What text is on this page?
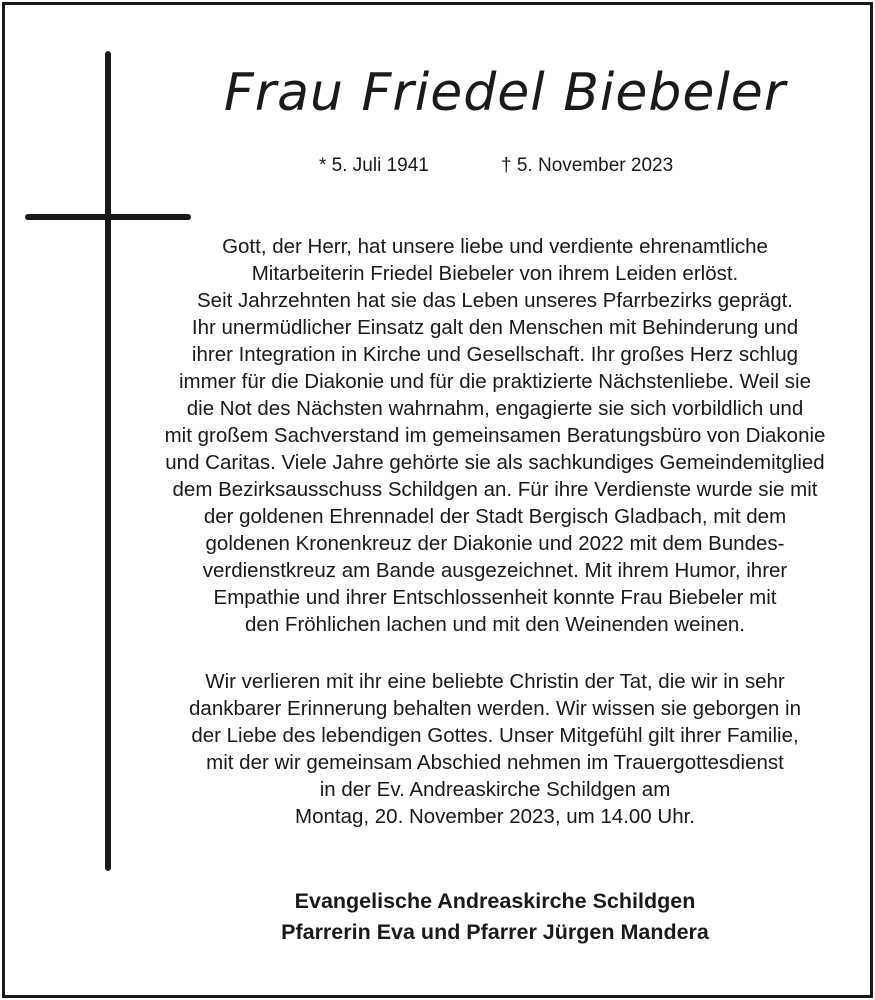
Frau Friedel Biebeler
* 5. Juli 1941	† 5. November 2023
Gott, der Herr, hat unsere liebe und verdiente ehrenamtliche
Mitarbeiterin Friedel Biebeler von ihrem Leiden erlöst.
Seit Jahrzehnten hat sie das Leben unseres Pfarrbezirks geprägt.
Ihr unermüdlicher Einsatz galt den Menschen mit Behinderung und
ihrer Integration in Kirche und Gesellschaft. Ihr großes Herz schlug
immer für die Diakonie und für die praktizierte Nächstenliebe. Weil sie
die Not des Nächsten wahrnahm, engagierte sie sich vorbildlich und
mit großem Sachverstand im gemeinsamen Beratungsbüro von Diakonie
und Caritas. Viele Jahre gehörte sie als sachkundiges Gemeindemitglied
dem Bezirksausschuss Schildgen an. Für ihre Verdienste wurde sie mit
der goldenen Ehrennadel der Stadt Bergisch Gladbach, mit dem
goldenen Kronenkreuz der Diakonie und 2022 mit dem Bundes-
verdienstkreuz am Bande ausgezeichnet. Mit ihrem Humor, ihrer
Empathie und ihrer Entschlossenheit konnte Frau Biebeler mit
den Fröhlichen lachen und mit den Weinenden weinen.
Wir verlieren mit ihr eine beliebte Christin der Tat, die wir in sehr
dankbarer Erinnerung behalten werden. Wir wissen sie geborgen in
der Liebe des lebendigen Gottes. Unser Mitgefühl gilt ihrer Familie,
mit der wir gemeinsam Abschied nehmen im Trauergottesdienst
in der Ev. Andreaskirche Schildgen am
Montag, 20. November 2023, um 14.00 Uhr.
Evangelische Andreaskirche Schildgen
Pfarrerin Eva und Pfarrer Jürgen Mandera
